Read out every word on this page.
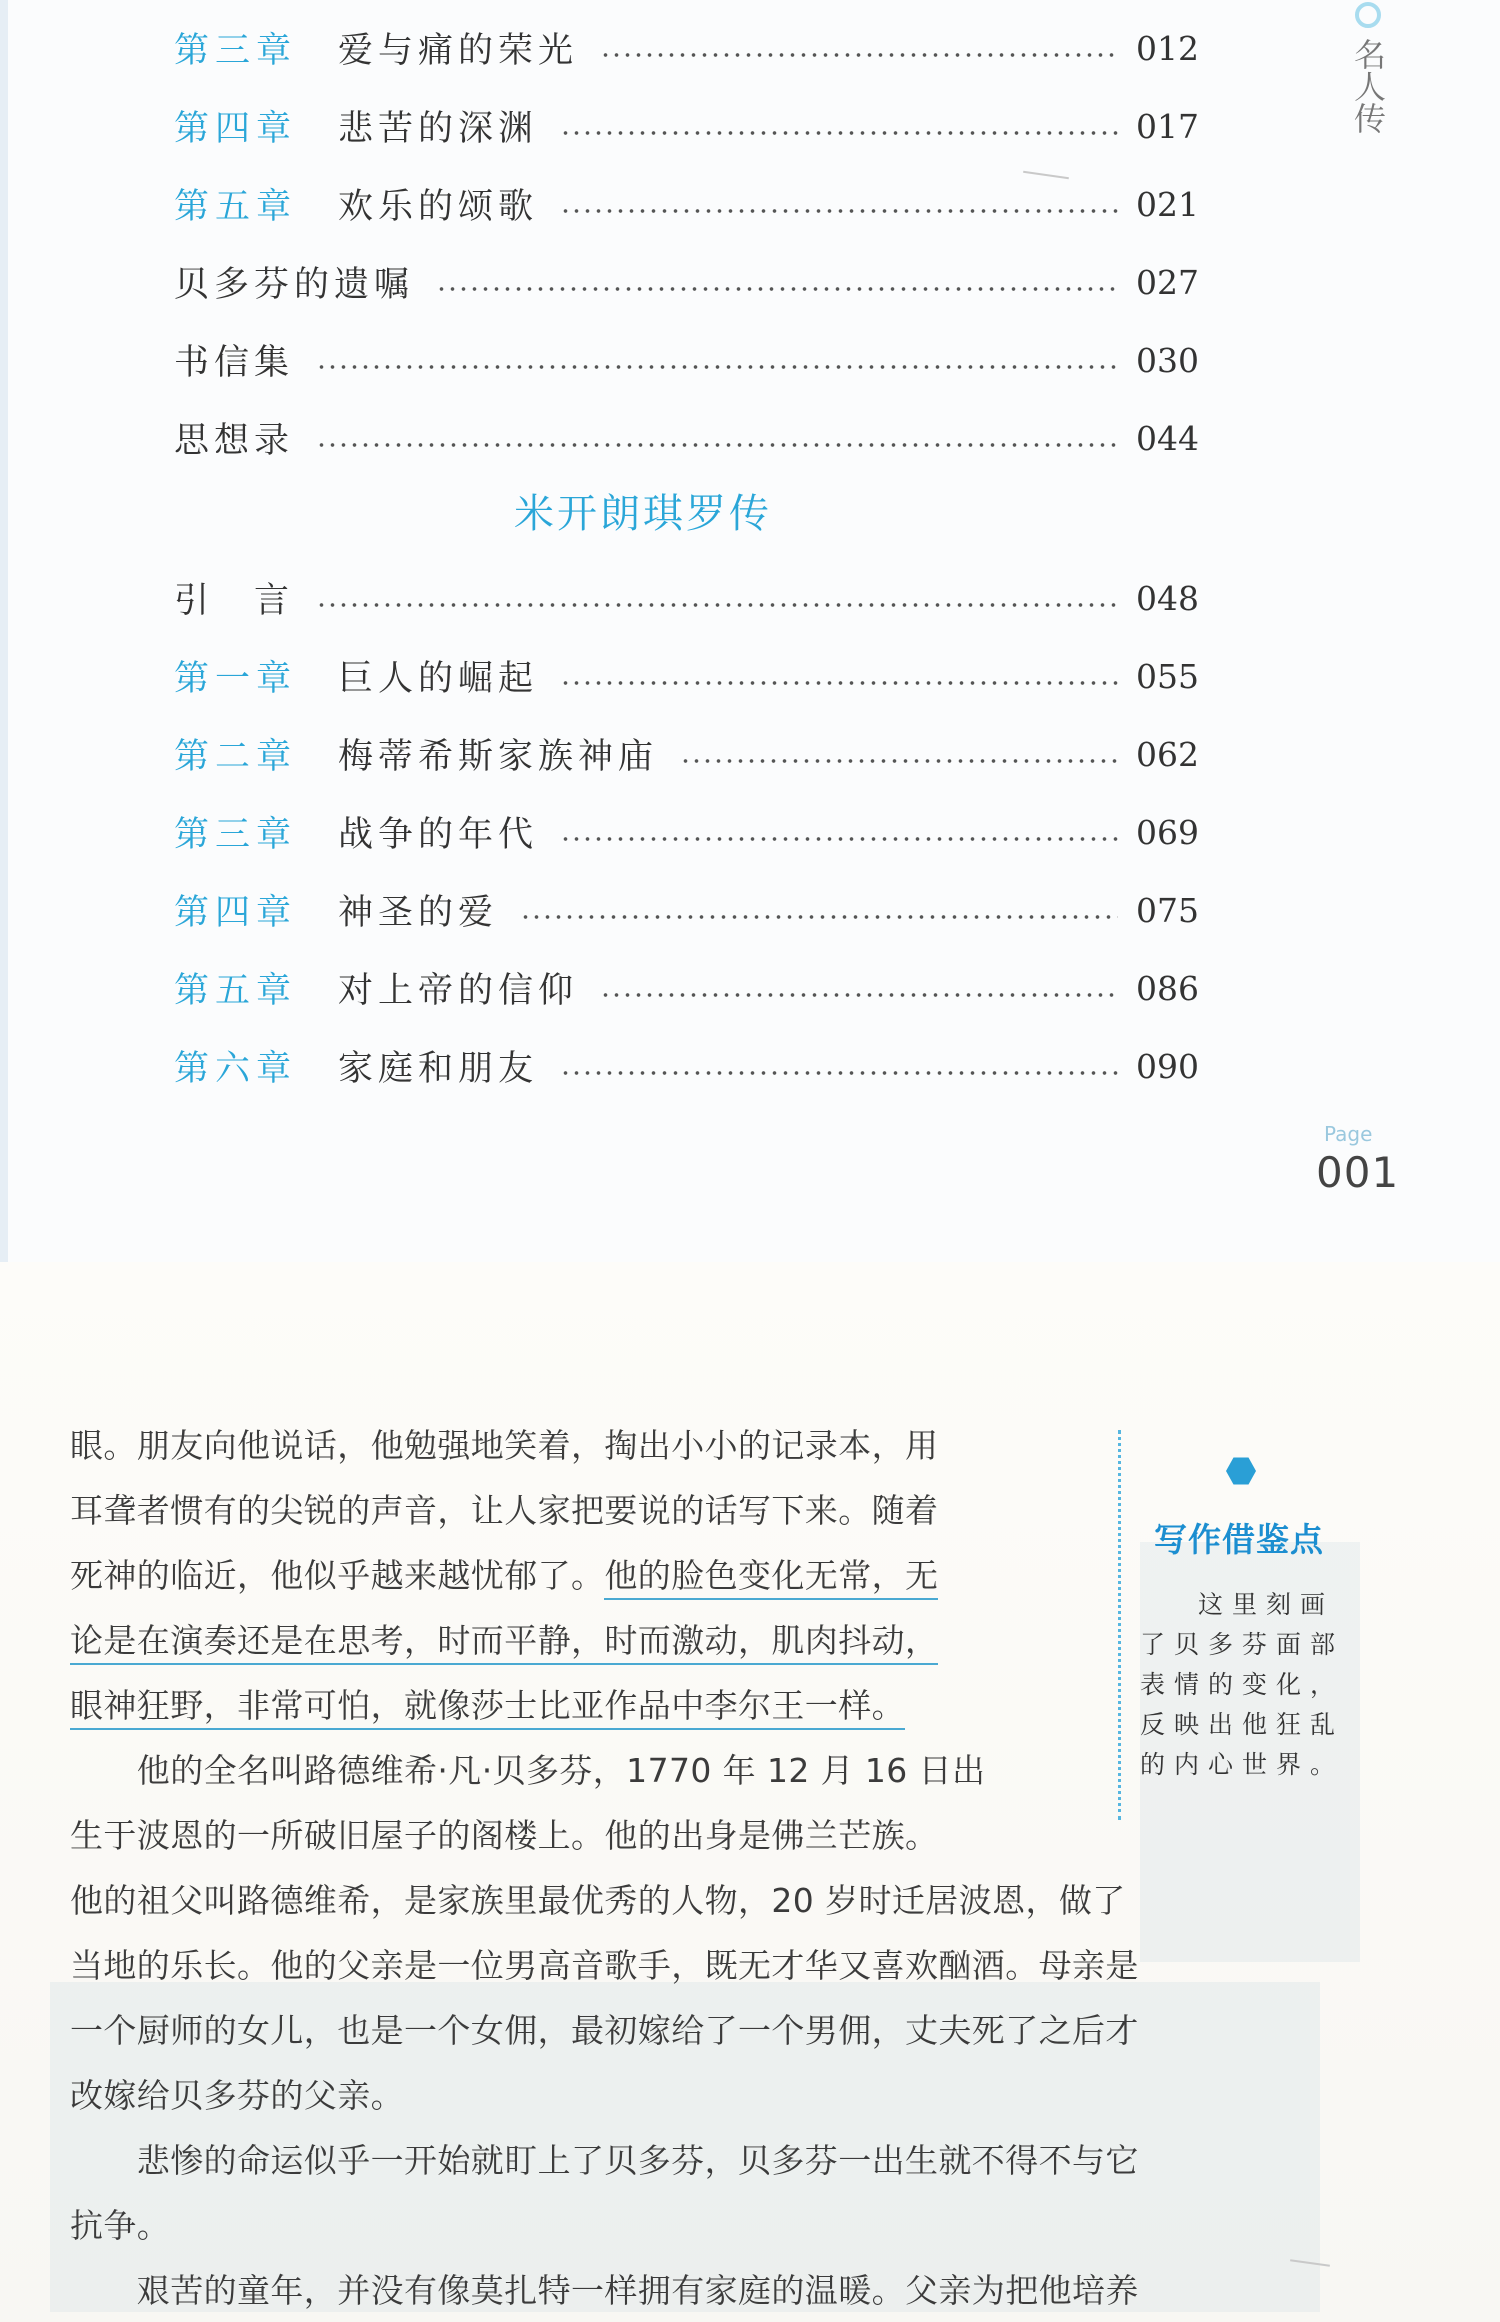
名人传
第三章	爱与痛的荣光	012
第四章	悲苦的深渊	017
第五章	欢乐的颂歌	021
贝多芬的遗嘱	027
书信集	030
思想录	044
米开朗琪罗传
引　言	048
第一章	巨人的崛起	055
第二章	梅蒂希斯家族神庙	062
第三章	战争的年代	069
第四章	神圣的爱	075
第五章	对上帝的信仰	086
第六章	家庭和朋友	090
Page
001
眼。朋友向他说话，他勉强地笑着，掏出小小的记录本，用
耳聋者惯有的尖锐的声音，让人家把要说的话写下来。随着
死神的临近，他似乎越来越忧郁了。他的脸色变化无常，无
论是在演奏还是在思考，时而平静，时而激动，肌肉抖动，
眼神狂野，非常可怕，就像莎士比亚作品中李尔王一样。
　　他的全名叫路德维希·凡·贝多芬，1770 年 12 月 16 日出
生于波恩的一所破旧屋子的阁楼上。他的出身是佛兰芒族。
他的祖父叫路德维希，是家族里最优秀的人物，20 岁时迁居波恩，做了
当地的乐长。他的父亲是一位男高音歌手，既无才华又喜欢酗酒。母亲是
一个厨师的女儿，也是一个女佣，最初嫁给了一个男佣，丈夫死了之后才
改嫁给贝多芬的父亲。
　　悲惨的命运似乎一开始就盯上了贝多芬，贝多芬一出生就不得不与它
抗争。
　　艰苦的童年，并没有像莫扎特一样拥有家庭的温暖。父亲为把他培养
写作借鉴点
这里刻画
了贝多芬面部
表情的变化，
反映出他狂乱
的内心世界。
